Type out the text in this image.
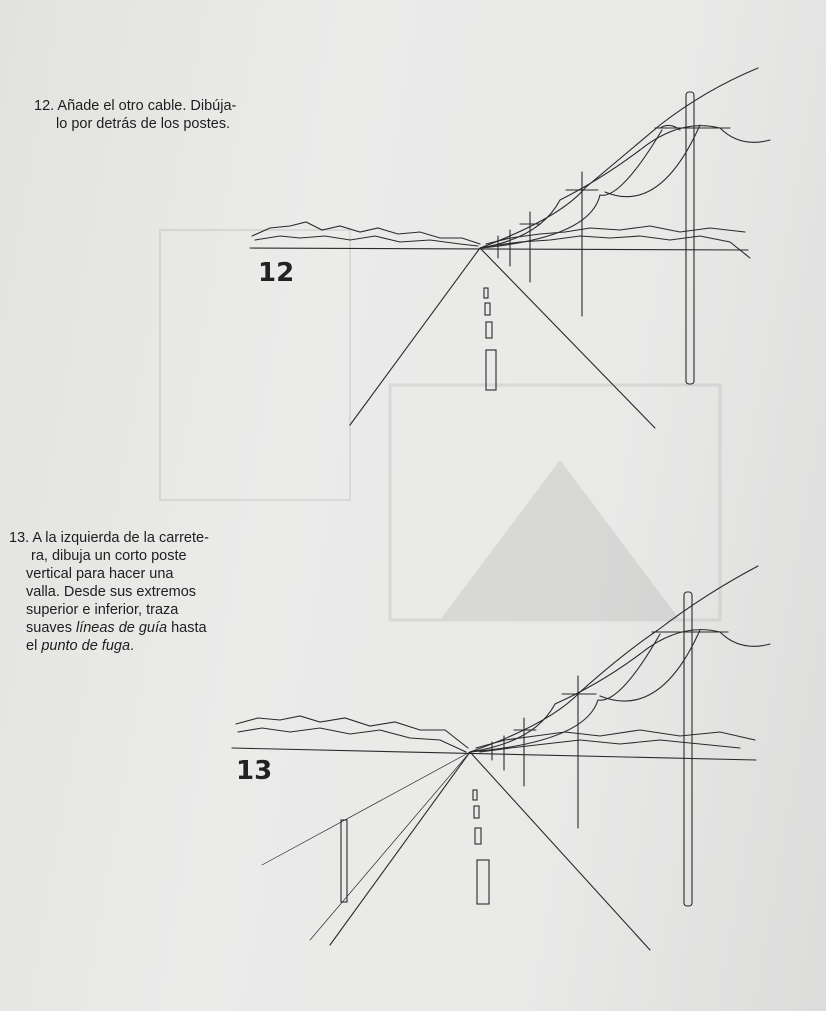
12. Añade el otro cable. Dibúja-
lo por detrás de los postes.

12

13. A la izquierda de la carrete-
ra, dibuja un corto poste
vertical para hacer una
valla. Desde sus extremos
superior e inferior, traza
suaves líneas de guía hasta
el punto de fuga.

13
